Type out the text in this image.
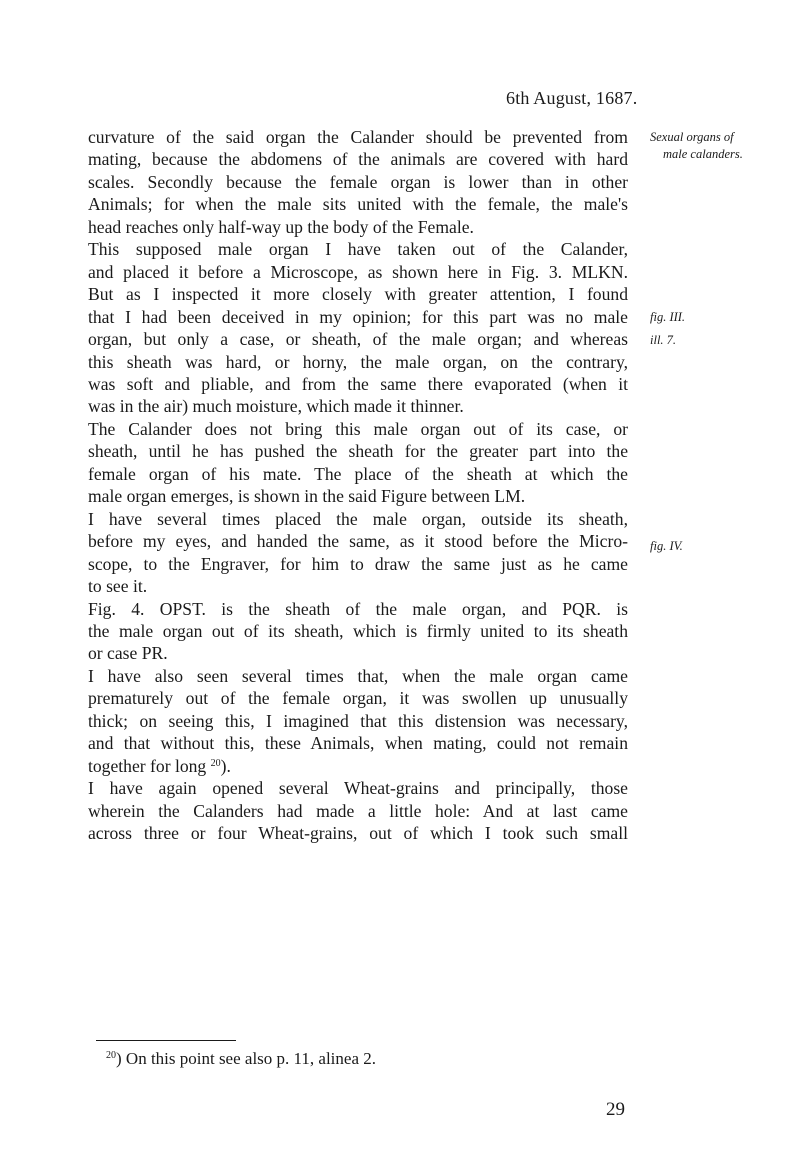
6th August, 1687.
Sexual organs of
male calanders.
fig. III.
ill. 7.
fig. IV.
curvature of the said organ the Calander should be prevented from
mating, because the abdomens of the animals are covered with hard
scales. Secondly because the female organ is lower than in other
Animals; for when the male sits united with the female, the male's
head reaches only half-way up the body of the Female.
This supposed male organ I have taken out of the Calander,
and placed it before a Microscope, as shown here in Fig. 3. MLKN.
But as I inspected it more closely with greater attention, I found
that I had been deceived in my opinion; for this part was no male
organ, but only a case, or sheath, of the male organ; and whereas
this sheath was hard, or horny, the male organ, on the contrary,
was soft and pliable, and from the same there evaporated (when it
was in the air) much moisture, which made it thinner.
The Calander does not bring this male organ out of its case, or
sheath, until he has pushed the sheath for the greater part into the
female organ of his mate. The place of the sheath at which the
male organ emerges, is shown in the said Figure between LM.
I have several times placed the male organ, outside its sheath,
before my eyes, and handed the same, as it stood before the Micro-
scope, to the Engraver, for him to draw the same just as he came
to see it.
Fig. 4. OPST. is the sheath of the male organ, and PQR. is
the male organ out of its sheath, which is firmly united to its sheath
or case PR.
I have also seen several times that, when the male organ came
prematurely out of the female organ, it was swollen up unusually
thick; on seeing this, I imagined that this distension was necessary,
and that without this, these Animals, when mating, could not remain
together for long $^{20}$).
I have again opened several Wheat-grains and principally, those
wherein the Calanders had made a little hole: And at last came
across three or four Wheat-grains, out of which I took such small
$^{20}$) On this point see also p. 11, alinea 2.
29
